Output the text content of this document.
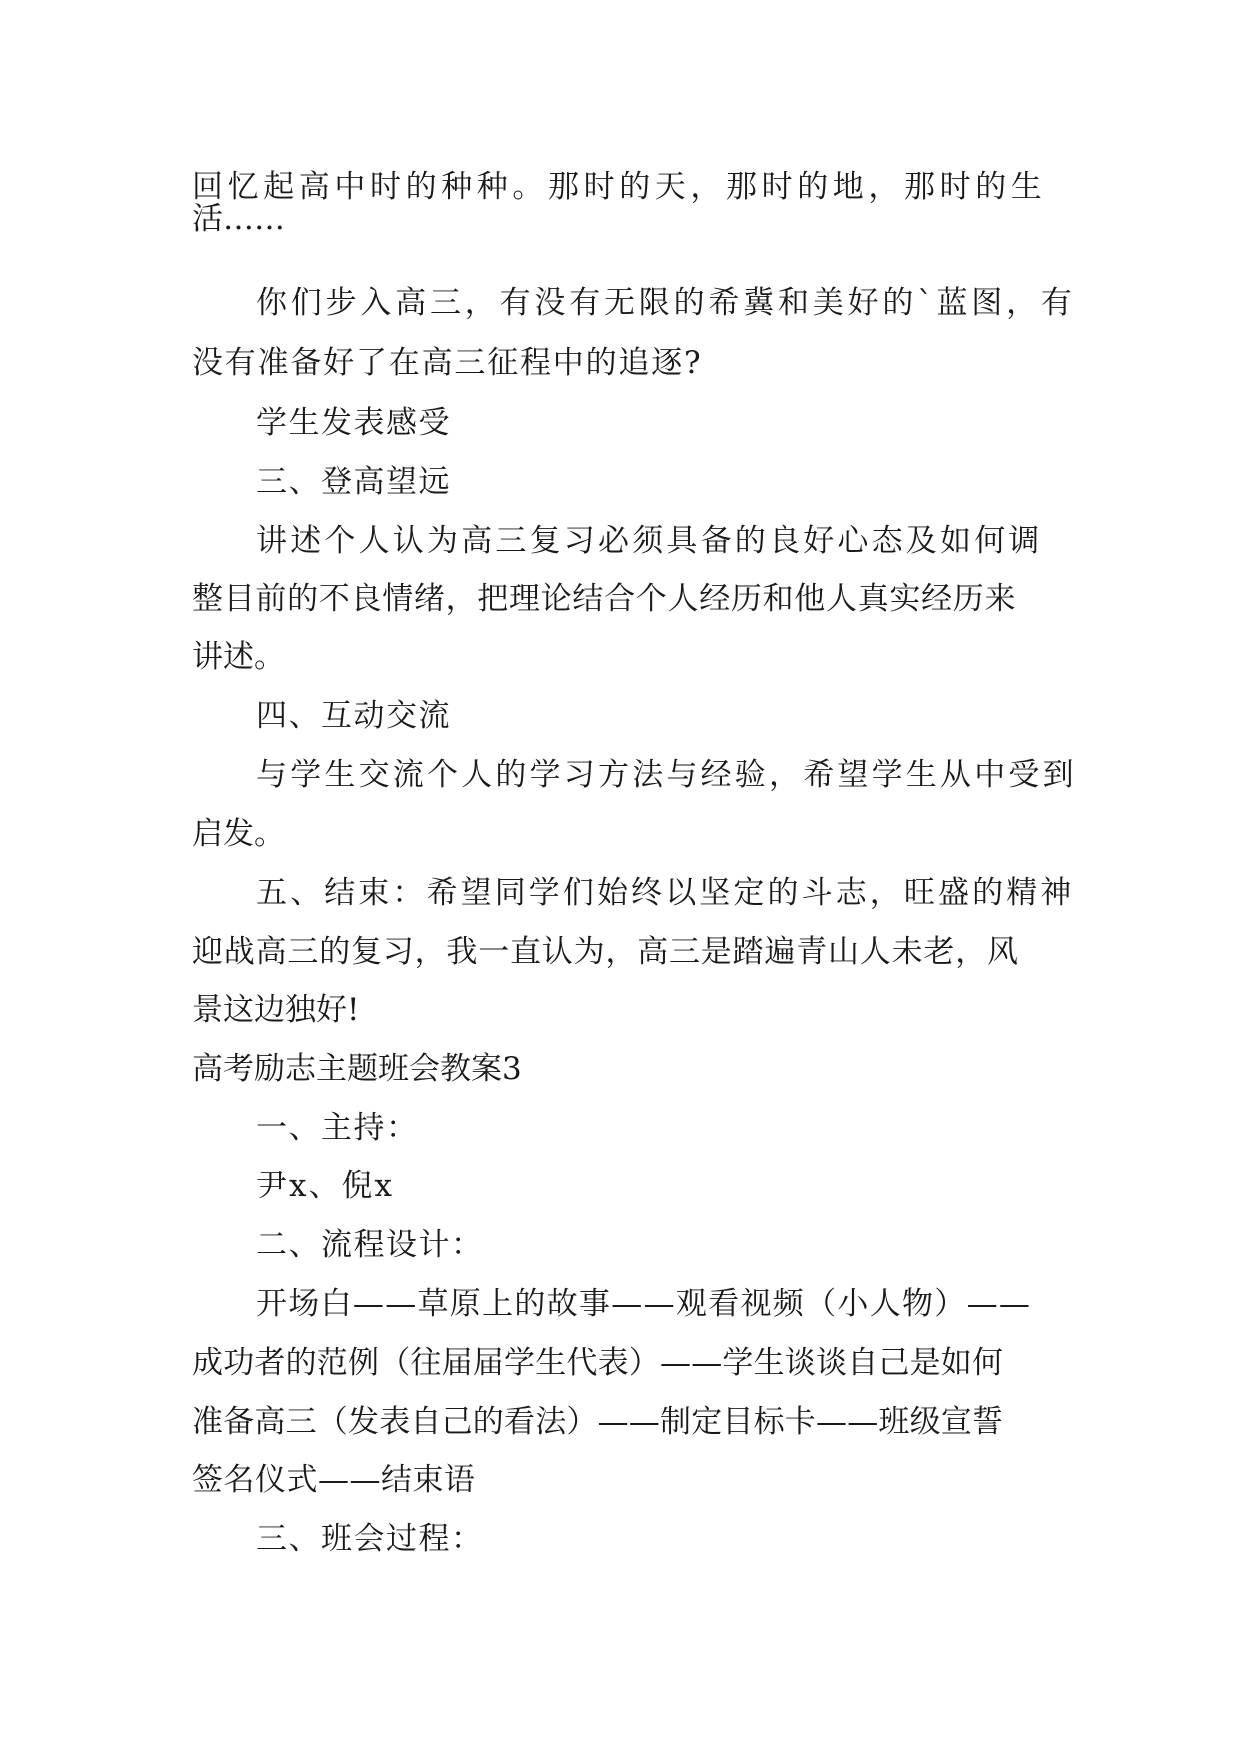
回忆起高中时的种种。那时的天，那时的地，那时的生
活……
你们步入高三，有没有无限的希冀和美好的`蓝图，有
没有准备好了在高三征程中的追逐?
学生发表感受
三、登高望远
讲述个人认为高三复习必须具备的良好心态及如何调
整目前的不良情绪，把理论结合个人经历和他人真实经历来
讲述。
四、互动交流
与学生交流个人的学习方法与经验，希望学生从中受到
启发。
五、结束：希望同学们始终以坚定的斗志，旺盛的精神
迎战高三的复习，我一直认为，高三是踏遍青山人未老，风
景这边独好!
高考励志主题班会教案3
一、主持：
尹x、倪x
二、流程设计：
开场白——草原上的故事——观看视频（小人物）——
成功者的范例（往届届学生代表）——学生谈谈自己是如何
准备高三（发表自己的看法）——制定目标卡——班级宣誓
签名仪式——结束语
三、班会过程：
